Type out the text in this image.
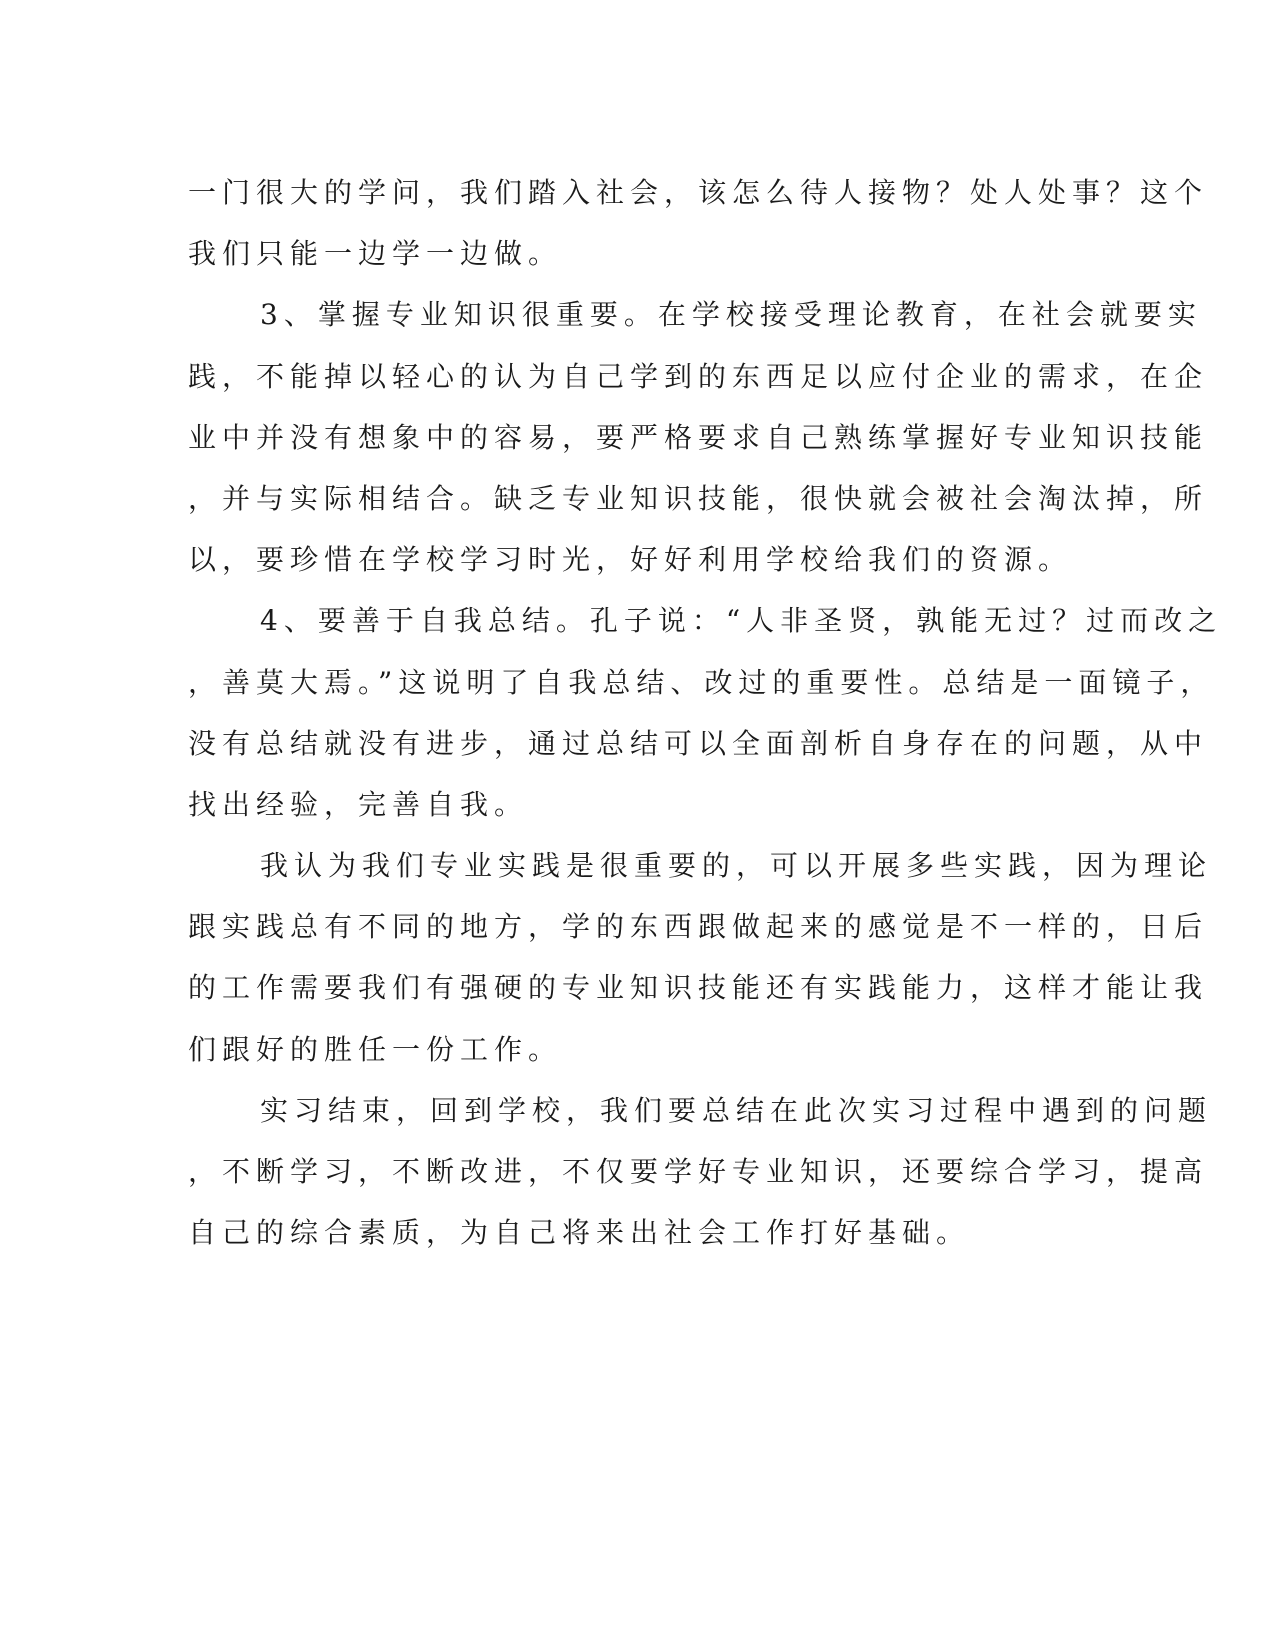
一门很大的学问，我们踏入社会，该怎么待人接物？处人处事？这个
我们只能一边学一边做。
3、掌握专业知识很重要。在学校接受理论教育，在社会就要实
践，不能掉以轻心的认为自己学到的东西足以应付企业的需求，在企
业中并没有想象中的容易，要严格要求自己熟练掌握好专业知识技能
，并与实际相结合。缺乏专业知识技能，很快就会被社会淘汰掉，所
以，要珍惜在学校学习时光，好好利用学校给我们的资源。
4、要善于自我总结。孔子说：“人非圣贤，孰能无过？过而改之
，善莫大焉。”这说明了自我总结、改过的重要性。总结是一面镜子，
没有总结就没有进步，通过总结可以全面剖析自身存在的问题，从中
找出经验，完善自我。
我认为我们专业实践是很重要的，可以开展多些实践，因为理论
跟实践总有不同的地方，学的东西跟做起来的感觉是不一样的，日后
的工作需要我们有强硬的专业知识技能还有实践能力，这样才能让我
们跟好的胜任一份工作。
实习结束，回到学校，我们要总结在此次实习过程中遇到的问题
，不断学习，不断改进，不仅要学好专业知识，还要综合学习，提高
自己的综合素质，为自己将来出社会工作打好基础。
